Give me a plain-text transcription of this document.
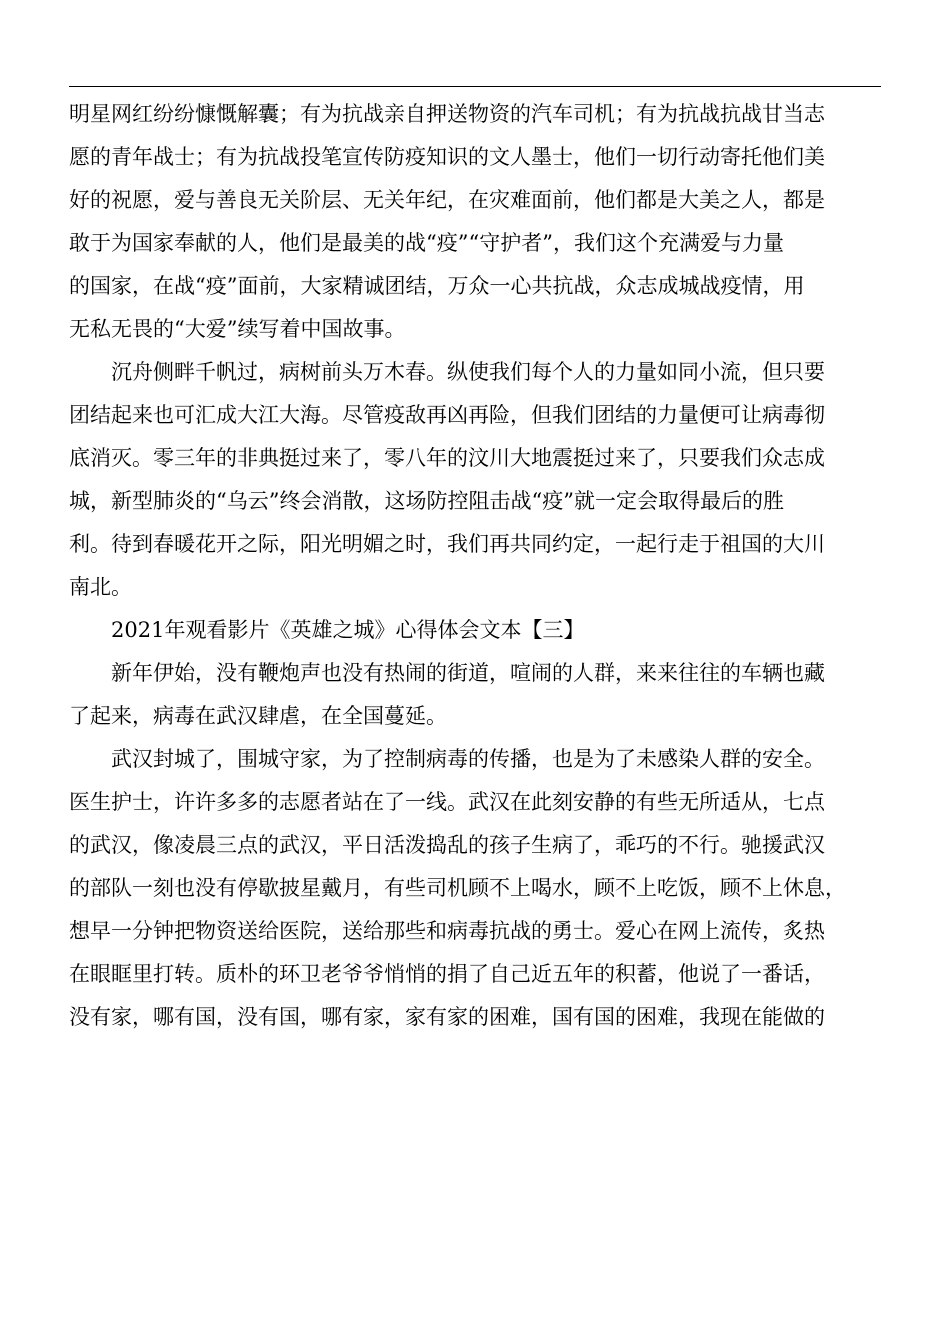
明星网红纷纷慷慨解囊；有为抗战亲自押送物资的汽车司机；有为抗战抗战甘当志
愿的青年战士；有为抗战投笔宣传防疫知识的文人墨士，他们一切行动寄托他们美
好的祝愿，爱与善良无关阶层、无关年纪，在灾难面前，他们都是大美之人，都是
敢于为国家奉献的人，他们是最美的战“疫”“守护者”，我们这个充满爱与力量
的国家，在战“疫”面前，大家精诚团结，万众一心共抗战，众志成城战疫情，用
无私无畏的“大爱”续写着中国故事。
沉舟侧畔千帆过，病树前头万木春。纵使我们每个人的力量如同小流，但只要
团结起来也可汇成大江大海。尽管疫敌再凶再险，但我们团结的力量便可让病毒彻
底消灭。零三年的非典挺过来了，零八年的汶川大地震挺过来了，只要我们众志成
城，新型肺炎的“乌云”终会消散，这场防控阻击战“疫”就一定会取得最后的胜
利。待到春暖花开之际，阳光明媚之时，我们再共同约定，一起行走于祖国的大川
南北。
2021年观看影片《英雄之城》心得体会文本【三】
新年伊始，没有鞭炮声也没有热闹的街道，喧闹的人群，来来往往的车辆也藏
了起来，病毒在武汉肆虐，在全国蔓延。
武汉封城了，围城守家，为了控制病毒的传播，也是为了未感染人群的安全。
医生护士，许许多多的志愿者站在了一线。武汉在此刻安静的有些无所适从，七点
的武汉，像凌晨三点的武汉，平日活泼捣乱的孩子生病了，乖巧的不行。驰援武汉
的部队一刻也没有停歇披星戴月，有些司机顾不上喝水，顾不上吃饭，顾不上休息，
想早一分钟把物资送给医院，送给那些和病毒抗战的勇士。爱心在网上流传，炙热
在眼眶里打转。质朴的环卫老爷爷悄悄的捐了自己近五年的积蓄，他说了一番话，
没有家，哪有国，没有国，哪有家，家有家的困难，国有国的困难，我现在能做的
